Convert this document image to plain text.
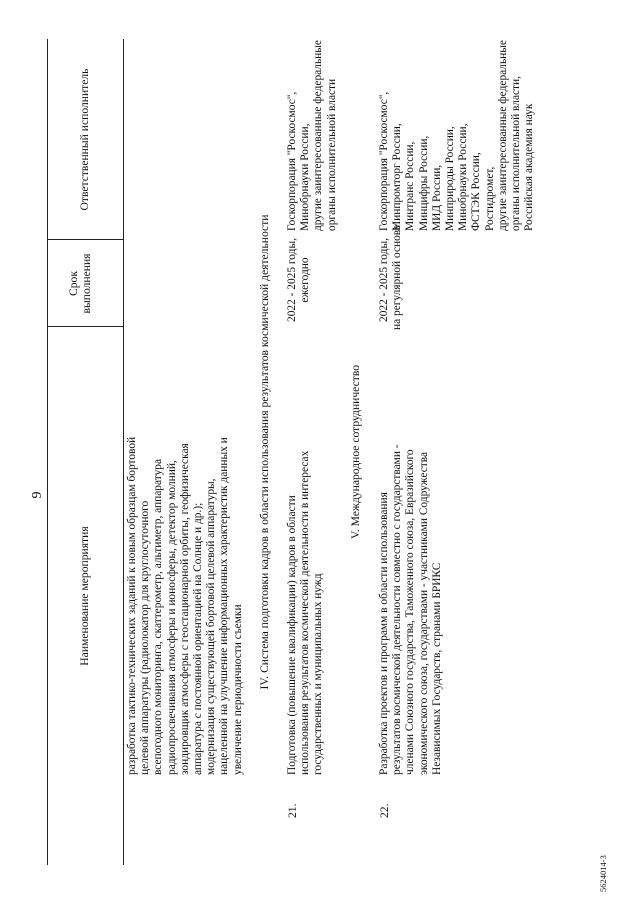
9
5624014-3
Наименование мероприятия
Срок выполнения
Ответственный исполнитель
разработка тактико-технических заданий к новым образцам бортовой целевой аппаратуры (радиолокатор для круглосуточного всепогодного мониторинга, скаттерометр, альтиметр, аппаратура радиопросвечивания атмосферы и ионосферы, детектор молний, зондировщик атмосферы с геостационарной орбиты, геофизическая аппаратура с постоянной ориентацией на Солнце и др.); модернизация существующей бортовой целевой аппаратуры, нацеленной на улучшение информационных характеристик данных и увеличение периодичности съемки
IV. Система подготовки кадров в области использования результатов космической деятельности
21.
Подготовка (повышение квалификации) кадров в области использования результатов космической деятельности в интересах государственных и муниципальных нужд
2022 - 2025 годы, ежегодно
Госкорпорация "Роскосмос", Минобрнауки России, другие заинтересованные федеральные органы исполнительной власти
V. Международное сотрудничество
22.
Разработка проектов и программ в области использования результатов космической деятельности совместно с государствами - членами Союзного государства, Таможенного союза, Евразийского экономического союза, государствами - участниками Содружества Независимых Государств, странами БРИКС
2022 - 2025 годы, на регулярной основе
Госкорпорация "Роскосмос", Минпромторг России, Минтранс России, Минцифры России, МИД России, Минприроды России, Минобрнауки России, ФСТЭК России, Ростидромет, другие заинтересованные федеральные органы исполнительной власти, Российская академия наук
